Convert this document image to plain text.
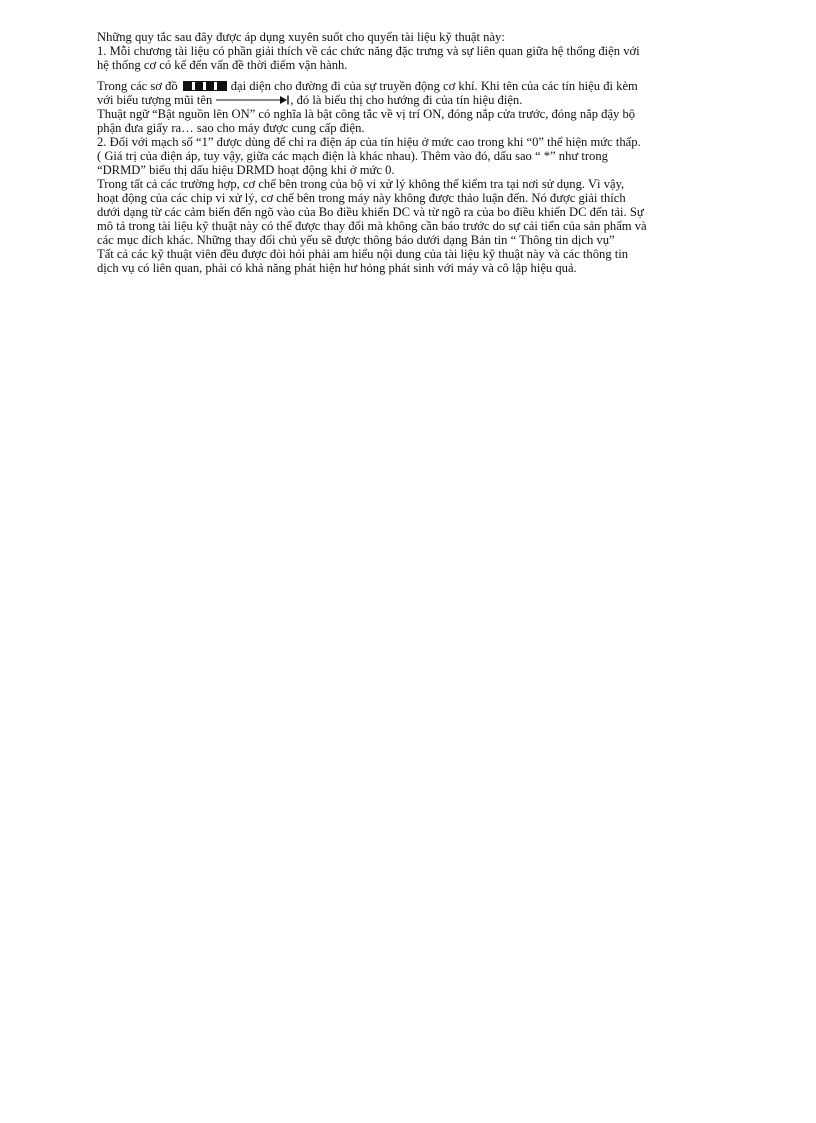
Những quy tắc sau đây được áp dụng xuyên suốt cho quyển tài liệu kỹ thuật này:
1. Mỗi chương tài liệu có phần giải thích về các chức năng đặc trưng và sự liên quan giữa hệ thống điện với
hệ thống cơ có kể đến vấn đề thời điểm vận hành.
Trong các sơ đồ	đại diện cho đường đi của sự truyền động cơ khí. Khi tên của các tín hiệu đi kèm
với biểu tượng mũi tên	, đó là biểu thị cho hướng đi của tín hiệu điện.
Thuật ngữ “Bật nguồn lên ON” có nghĩa là bật công tắc về vị trí ON, đóng nắp cửa trước, đóng nắp đậy bộ
phận đưa giấy ra… sao cho máy được cung cấp điện.
2. Đối với mạch số “1” được dùng để chỉ ra điện áp của tín hiệu ở mức cao trong khi “0” thể hiện mức thấp.
( Giá trị của điện áp, tuy vậy, giữa các mạch điện là khác nhau). Thêm vào đó, dấu sao “ *” như trong
“DRMD” biểu thị dấu hiệu DRMD hoạt động khi ở mức 0.
Trong tất cả các trường hợp, cơ chế bên trong của bộ vi xử lý không thể kiểm tra tại nơi sử dụng. Vì vậy,
hoạt động của các chip vi xử lý, cơ chế bên trong máy này không được thảo luận đến. Nó được giải thích
dưới dạng từ các cảm biến đến ngõ vào của Bo điều khiển DC và từ ngõ ra của bo điều khiển DC đến tải. Sự
mô tả trong tài liệu kỹ thuật này có thể được thay đổi mà không cần báo trước do sự cải tiến của sản phẩm và
các mục đích khác. Những thay đổi chủ yếu sẽ được thông báo dưới dạng Bản tin “ Thông tin dịch vụ”
Tất cả các kỹ thuật viên đều được đòi hỏi phải am hiểu nội dung của tài liệu kỹ thuật này và các thông tin
dịch vụ có liên quan, phải có khả năng phát hiện hư hỏng phát sinh với máy và cô lập hiệu quả.
